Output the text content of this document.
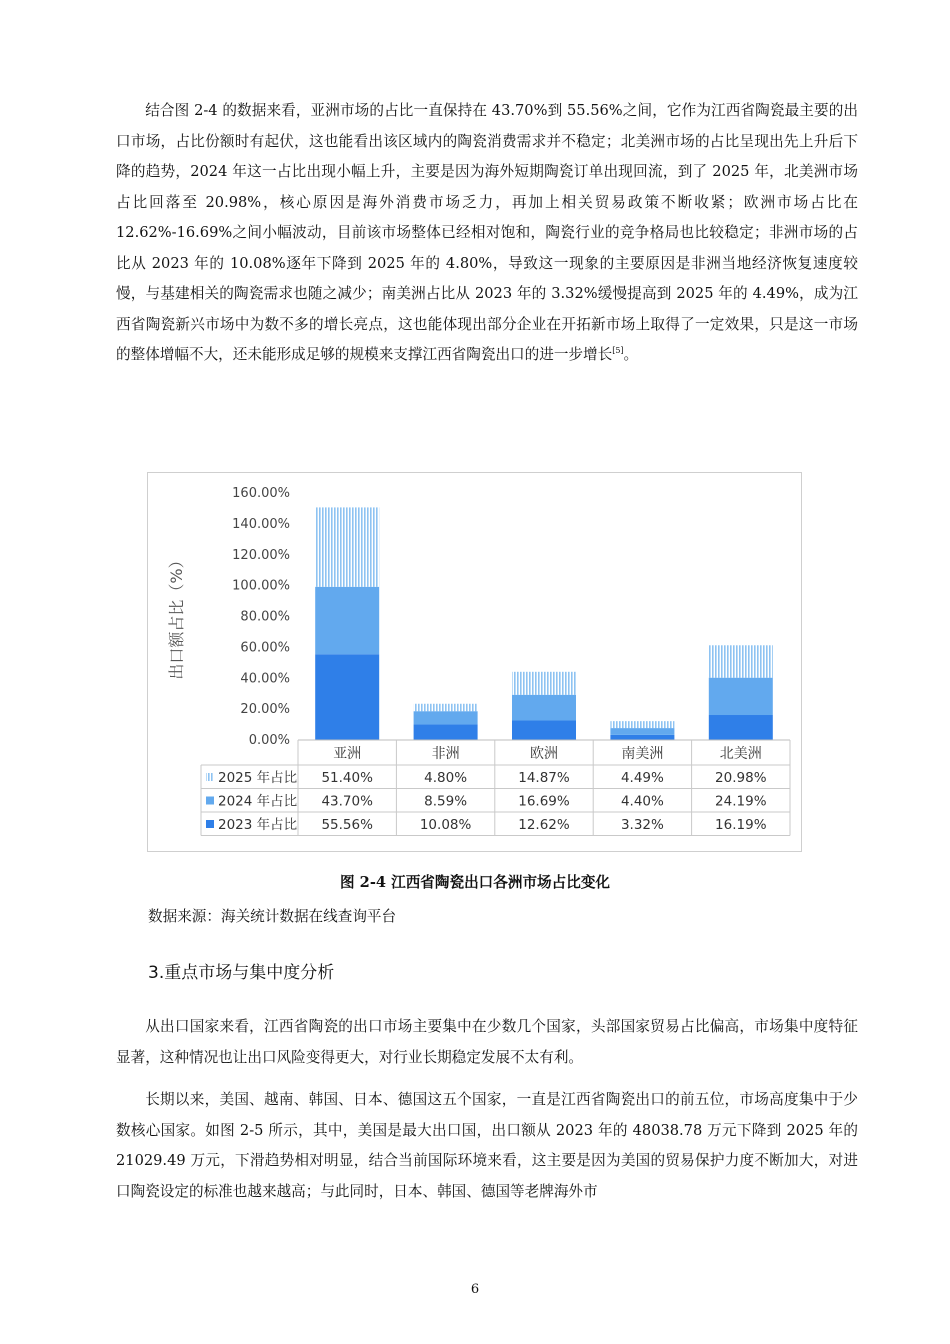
结合图 2-4 的数据来看，亚洲市场的占比一直保持在 43.70%到 55.56%之间，它作为江西省陶瓷最主要的出口市场，占比份额时有起伏，这也能看出该区域内的陶瓷消费需求并不稳定；北美洲市场的占比呈现出先上升后下降的趋势，2024 年这一占比出现小幅上升，主要是因为海外短期陶瓷订单出现回流，到了 2025 年，北美洲市场占比回落至 20.98%，核心原因是海外消费市场乏力，再加上相关贸易政策不断收紧；欧洲市场占比在 12.62%-16.69%之间小幅波动，目前该市场整体已经相对饱和，陶瓷行业的竞争格局也比较稳定；非洲市场的占比从 2023 年的 10.08%逐年下降到 2025 年的 4.80%，导致这一现象的主要原因是非洲当地经济恢复速度较慢，与基建相关的陶瓷需求也随之减少；南美洲占比从 2023 年的 3.32%缓慢提高到 2025 年的 4.49%，成为江西省陶瓷新兴市场中为数不多的增长亮点，这也能体现出部分企业在开拓新市场上取得了一定效果，只是这一市场的整体增幅不大，还未能形成足够的规模来支撑江西省陶瓷出口的进一步增长[5]。

0.00%
20.00%
40.00%
60.00%
80.00%
100.00%
120.00%
140.00%
160.00%
出口额占比（%）
亚洲	非洲	欧洲	南美洲	北美洲
2025 年占比 51.40%	4.80%	14.87%	4.49%	20.98%
2024 年占比 43.70%	8.59%	16.69%	4.40%	24.19%
2023 年占比 55.56%	10.08%	12.62%	3.32%	16.19%

图 2-4 江西省陶瓷出口各洲市场占比变化

数据来源：海关统计数据在线查询平台

3.重点市场与集中度分析

从出口国家来看，江西省陶瓷的出口市场主要集中在少数几个国家，头部国家贸易占比偏高，市场集中度特征显著，这种情况也让出口风险变得更大，对行业长期稳定发展不太有利。

长期以来，美国、越南、韩国、日本、德国这五个国家，一直是江西省陶瓷出口的前五位，市场高度集中于少数核心国家。如图 2-5 所示，其中，美国是最大出口国，出口额从 2023 年的 48038.78 万元下降到 2025 年的 21029.49 万元，下滑趋势相对明显，结合当前国际环境来看，这主要是因为美国的贸易保护力度不断加大，对进口陶瓷设定的标准也越来越高；与此同时，日本、韩国、德国等老牌海外市

6
